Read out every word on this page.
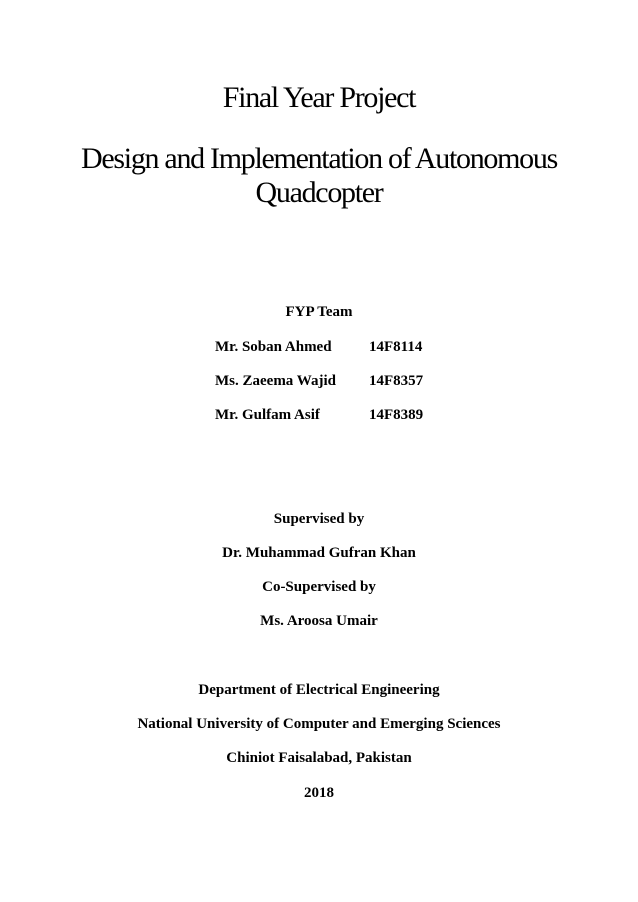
Final Year Project
Design and Implementation of Autonomous
Quadcopter
FYP Team
Mr. Soban Ahmed 14F8114
Ms. Zaeema Wajid 14F8357
Mr. Gulfam Asif	14F8389
Supervised by
Dr. Muhammad Gufran Khan
Co-Supervised by
Ms. Aroosa Umair
Department of Electrical Engineering
National University of Computer and Emerging Sciences
Chiniot Faisalabad, Pakistan
2018
